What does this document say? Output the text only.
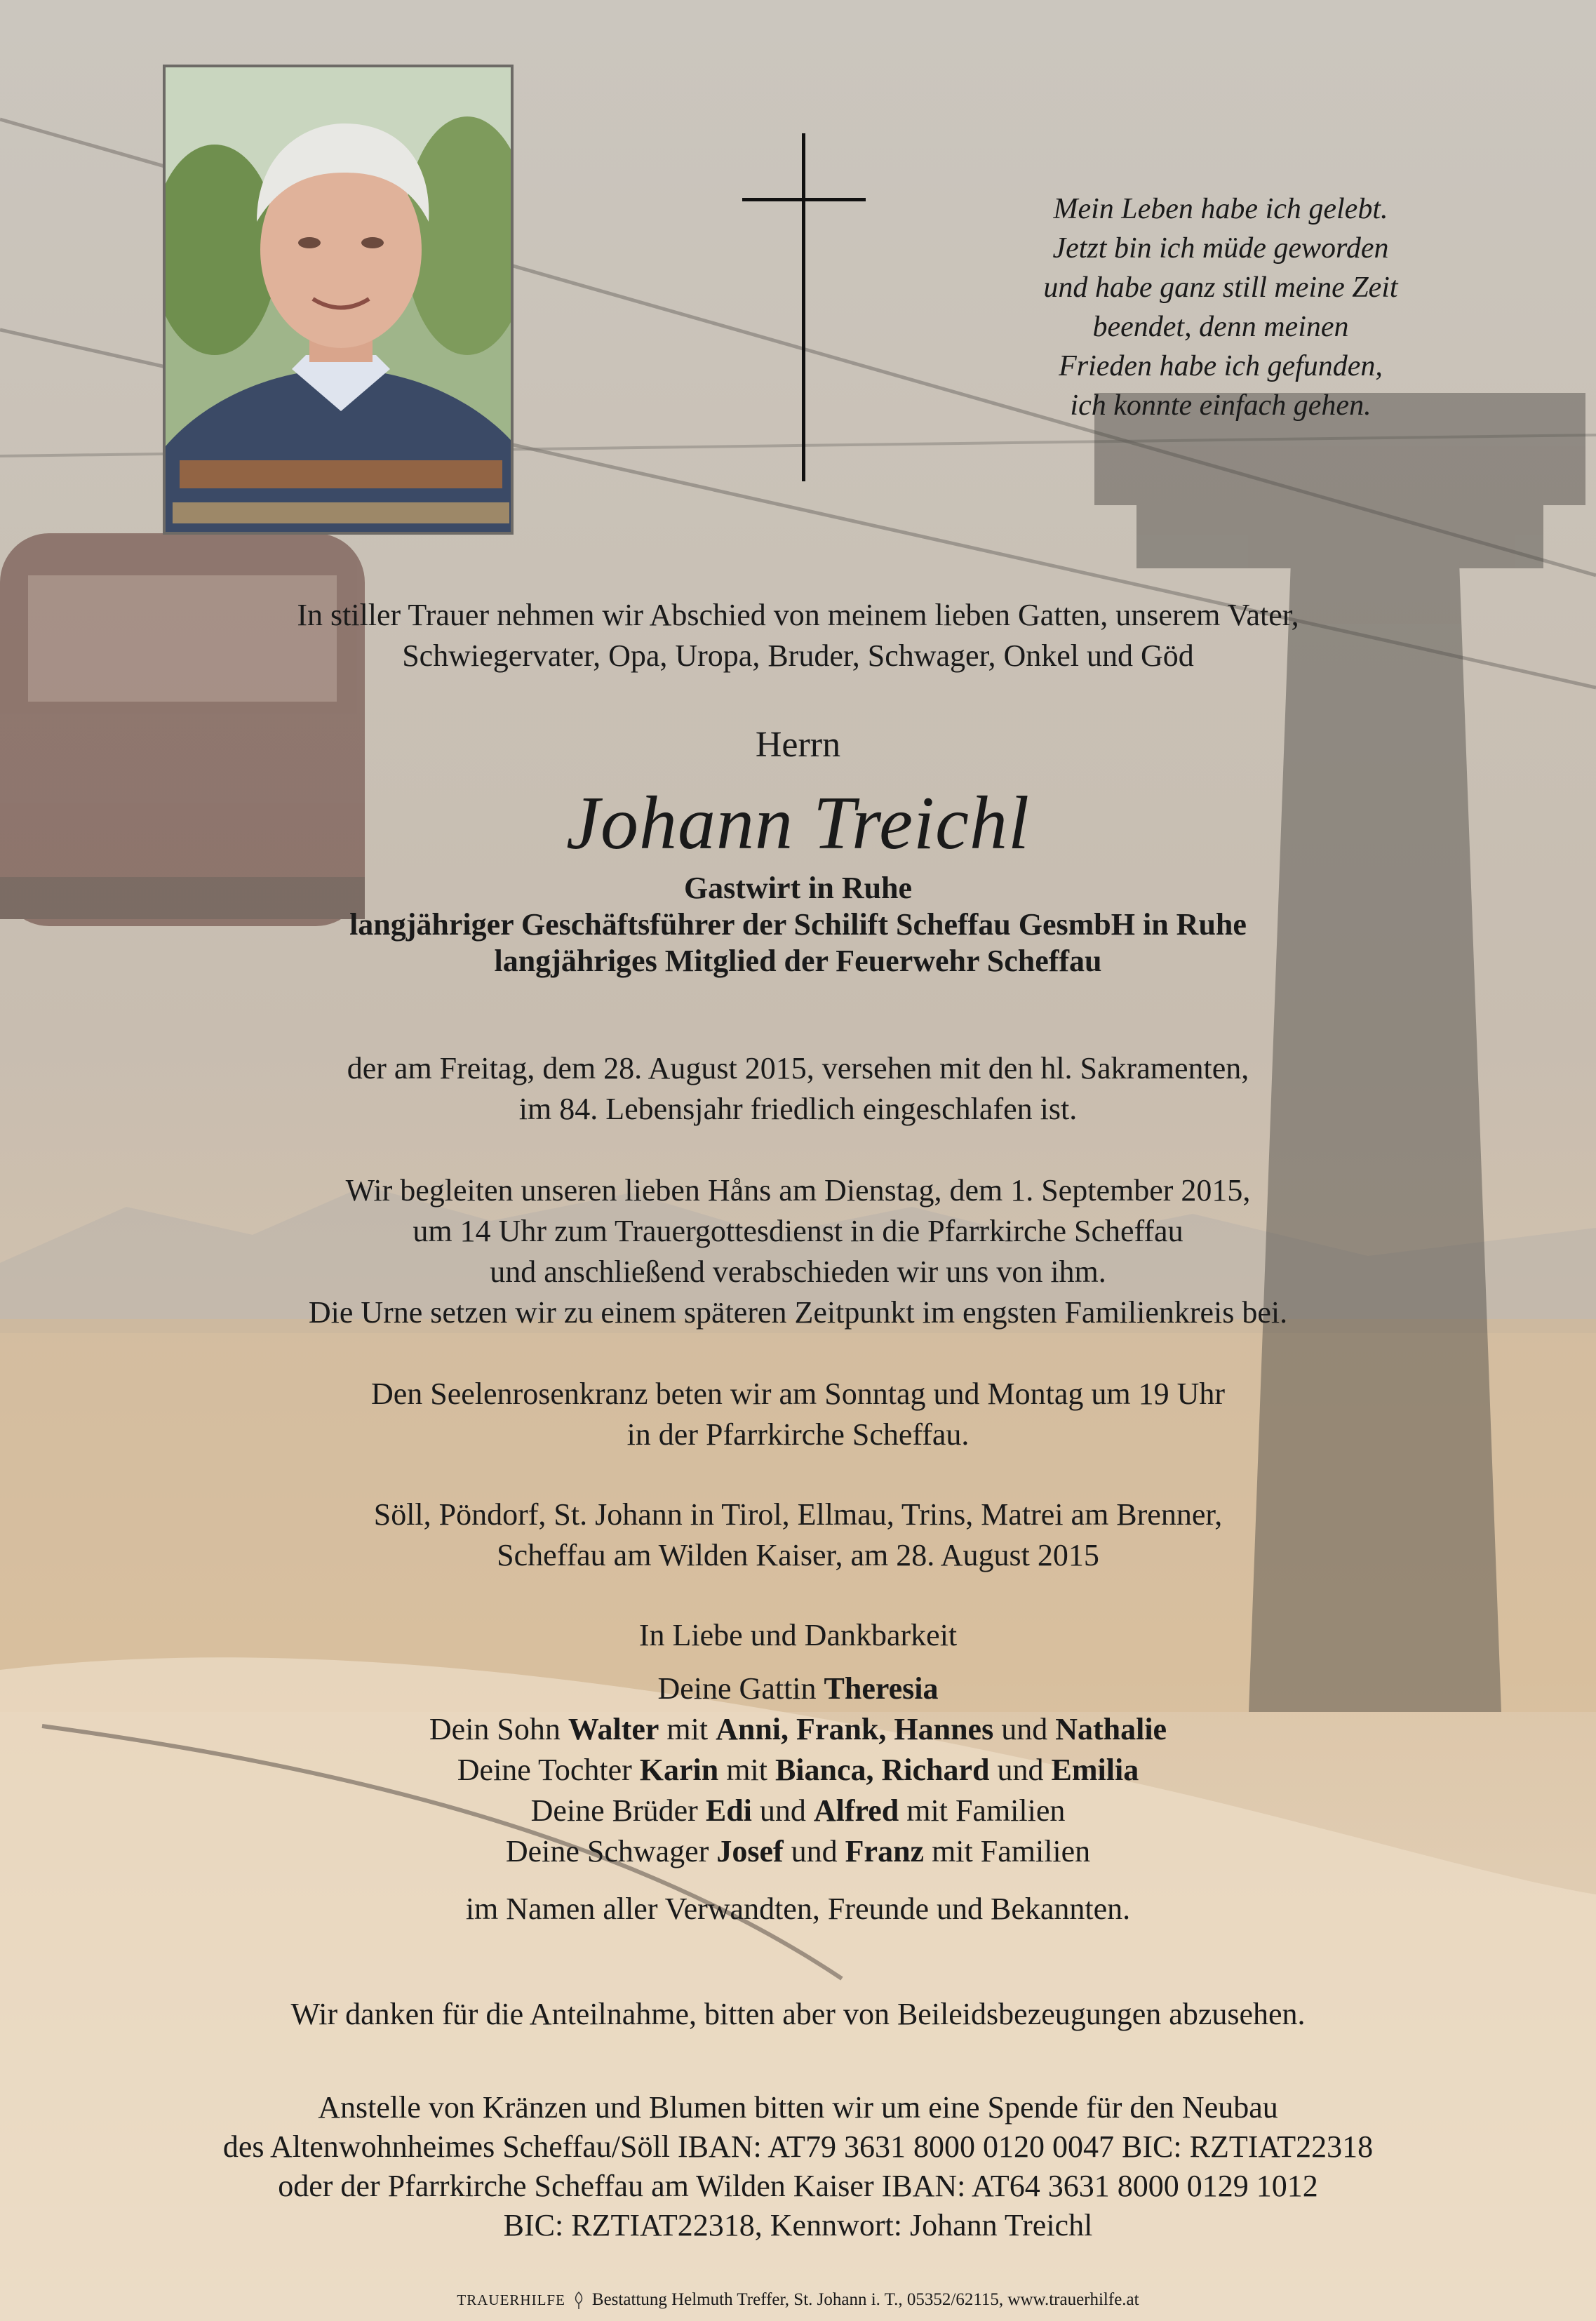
Mein Leben habe ich gelebt.
Jetzt bin ich müde geworden
und habe ganz still meine Zeit
beendet, denn meinen
Frieden habe ich gefunden,
ich konnte einfach gehen.
In stiller Trauer nehmen wir Abschied von meinem lieben Gatten, unserem Vater,
Schwiegervater, Opa, Uropa, Bruder, Schwager, Onkel und Göd
Herrn
Johann Treichl
Gastwirt in Ruhe
langjähriger Geschäftsführer der Schilift Scheffau GesmbH in Ruhe
langjähriges Mitglied der Feuerwehr Scheffau
der am Freitag, dem 28. August 2015, versehen mit den hl. Sakramenten,
im 84. Lebensjahr friedlich eingeschlafen ist.
Wir begleiten unseren lieben Håns am Dienstag, dem 1. September 2015,
um 14 Uhr zum Trauergottesdienst in die Pfarrkirche Scheffau
und anschließend verabschieden wir uns von ihm.
Die Urne setzen wir zu einem späteren Zeitpunkt im engsten Familienkreis bei.
Den Seelenrosenkranz beten wir am Sonntag und Montag um 19 Uhr
in der Pfarrkirche Scheffau.
Söll, Pöndorf, St. Johann in Tirol, Ellmau, Trins, Matrei am Brenner,
Scheffau am Wilden Kaiser, am 28. August 2015
In Liebe und Dankbarkeit
Deine Gattin Theresia
Dein Sohn Walter mit Anni, Frank, Hannes und Nathalie
Deine Tochter Karin mit Bianca, Richard und Emilia
Deine Brüder Edi und Alfred mit Familien
Deine Schwager Josef und Franz mit Familien
im Namen aller Verwandten, Freunde und Bekannten.
Wir danken für die Anteilnahme, bitten aber von Beileidsbezeugungen abzusehen.
Anstelle von Kränzen und Blumen bitten wir um eine Spende für den Neubau
des Altenwohnheimes Scheffau/Söll IBAN: AT79 3631 8000 0120 0047 BIC: RZTIAT22318
oder der Pfarrkirche Scheffau am Wilden Kaiser IBAN: AT64 3631 8000 0129 1012
BIC: RZTIAT22318, Kennwort: Johann Treichl
TRAUERHILFE Bestattung Helmuth Treffer, St. Johann i. T., 05352/62115, www.trauerhilfe.at
